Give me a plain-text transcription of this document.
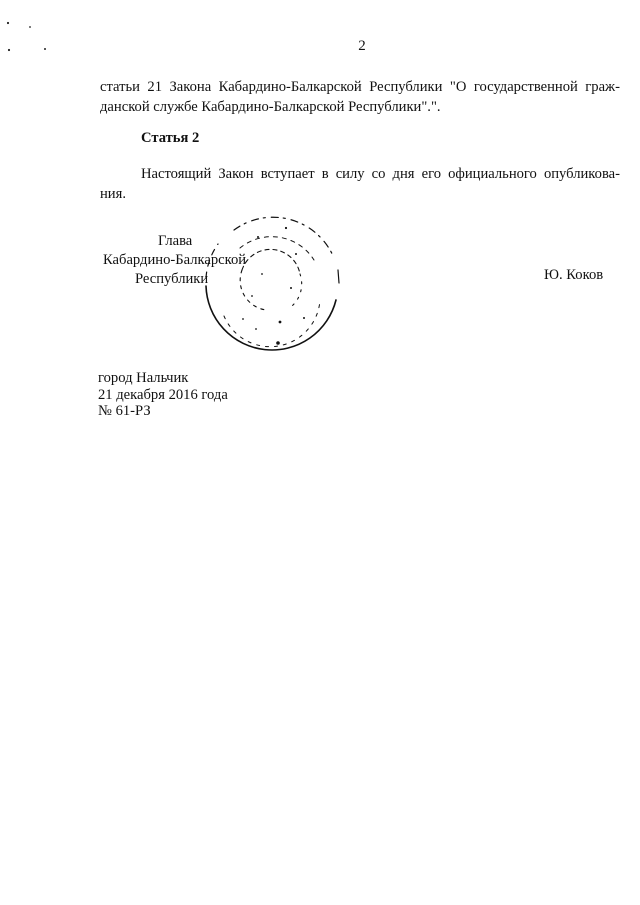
2
статьи 21 Закона Кабардино-Балкарской Республики "О государственной граж-
данской службе Кабардино-Балкарской Республики".".
Статья 2
Настоящий Закон вступает в силу со дня его официального опубликова-
ния.
Глава
Кабардино-Балкарской
Республики	Ю. Коков
город Нальчик
21 декабря 2016 года
№ 61-РЗ
